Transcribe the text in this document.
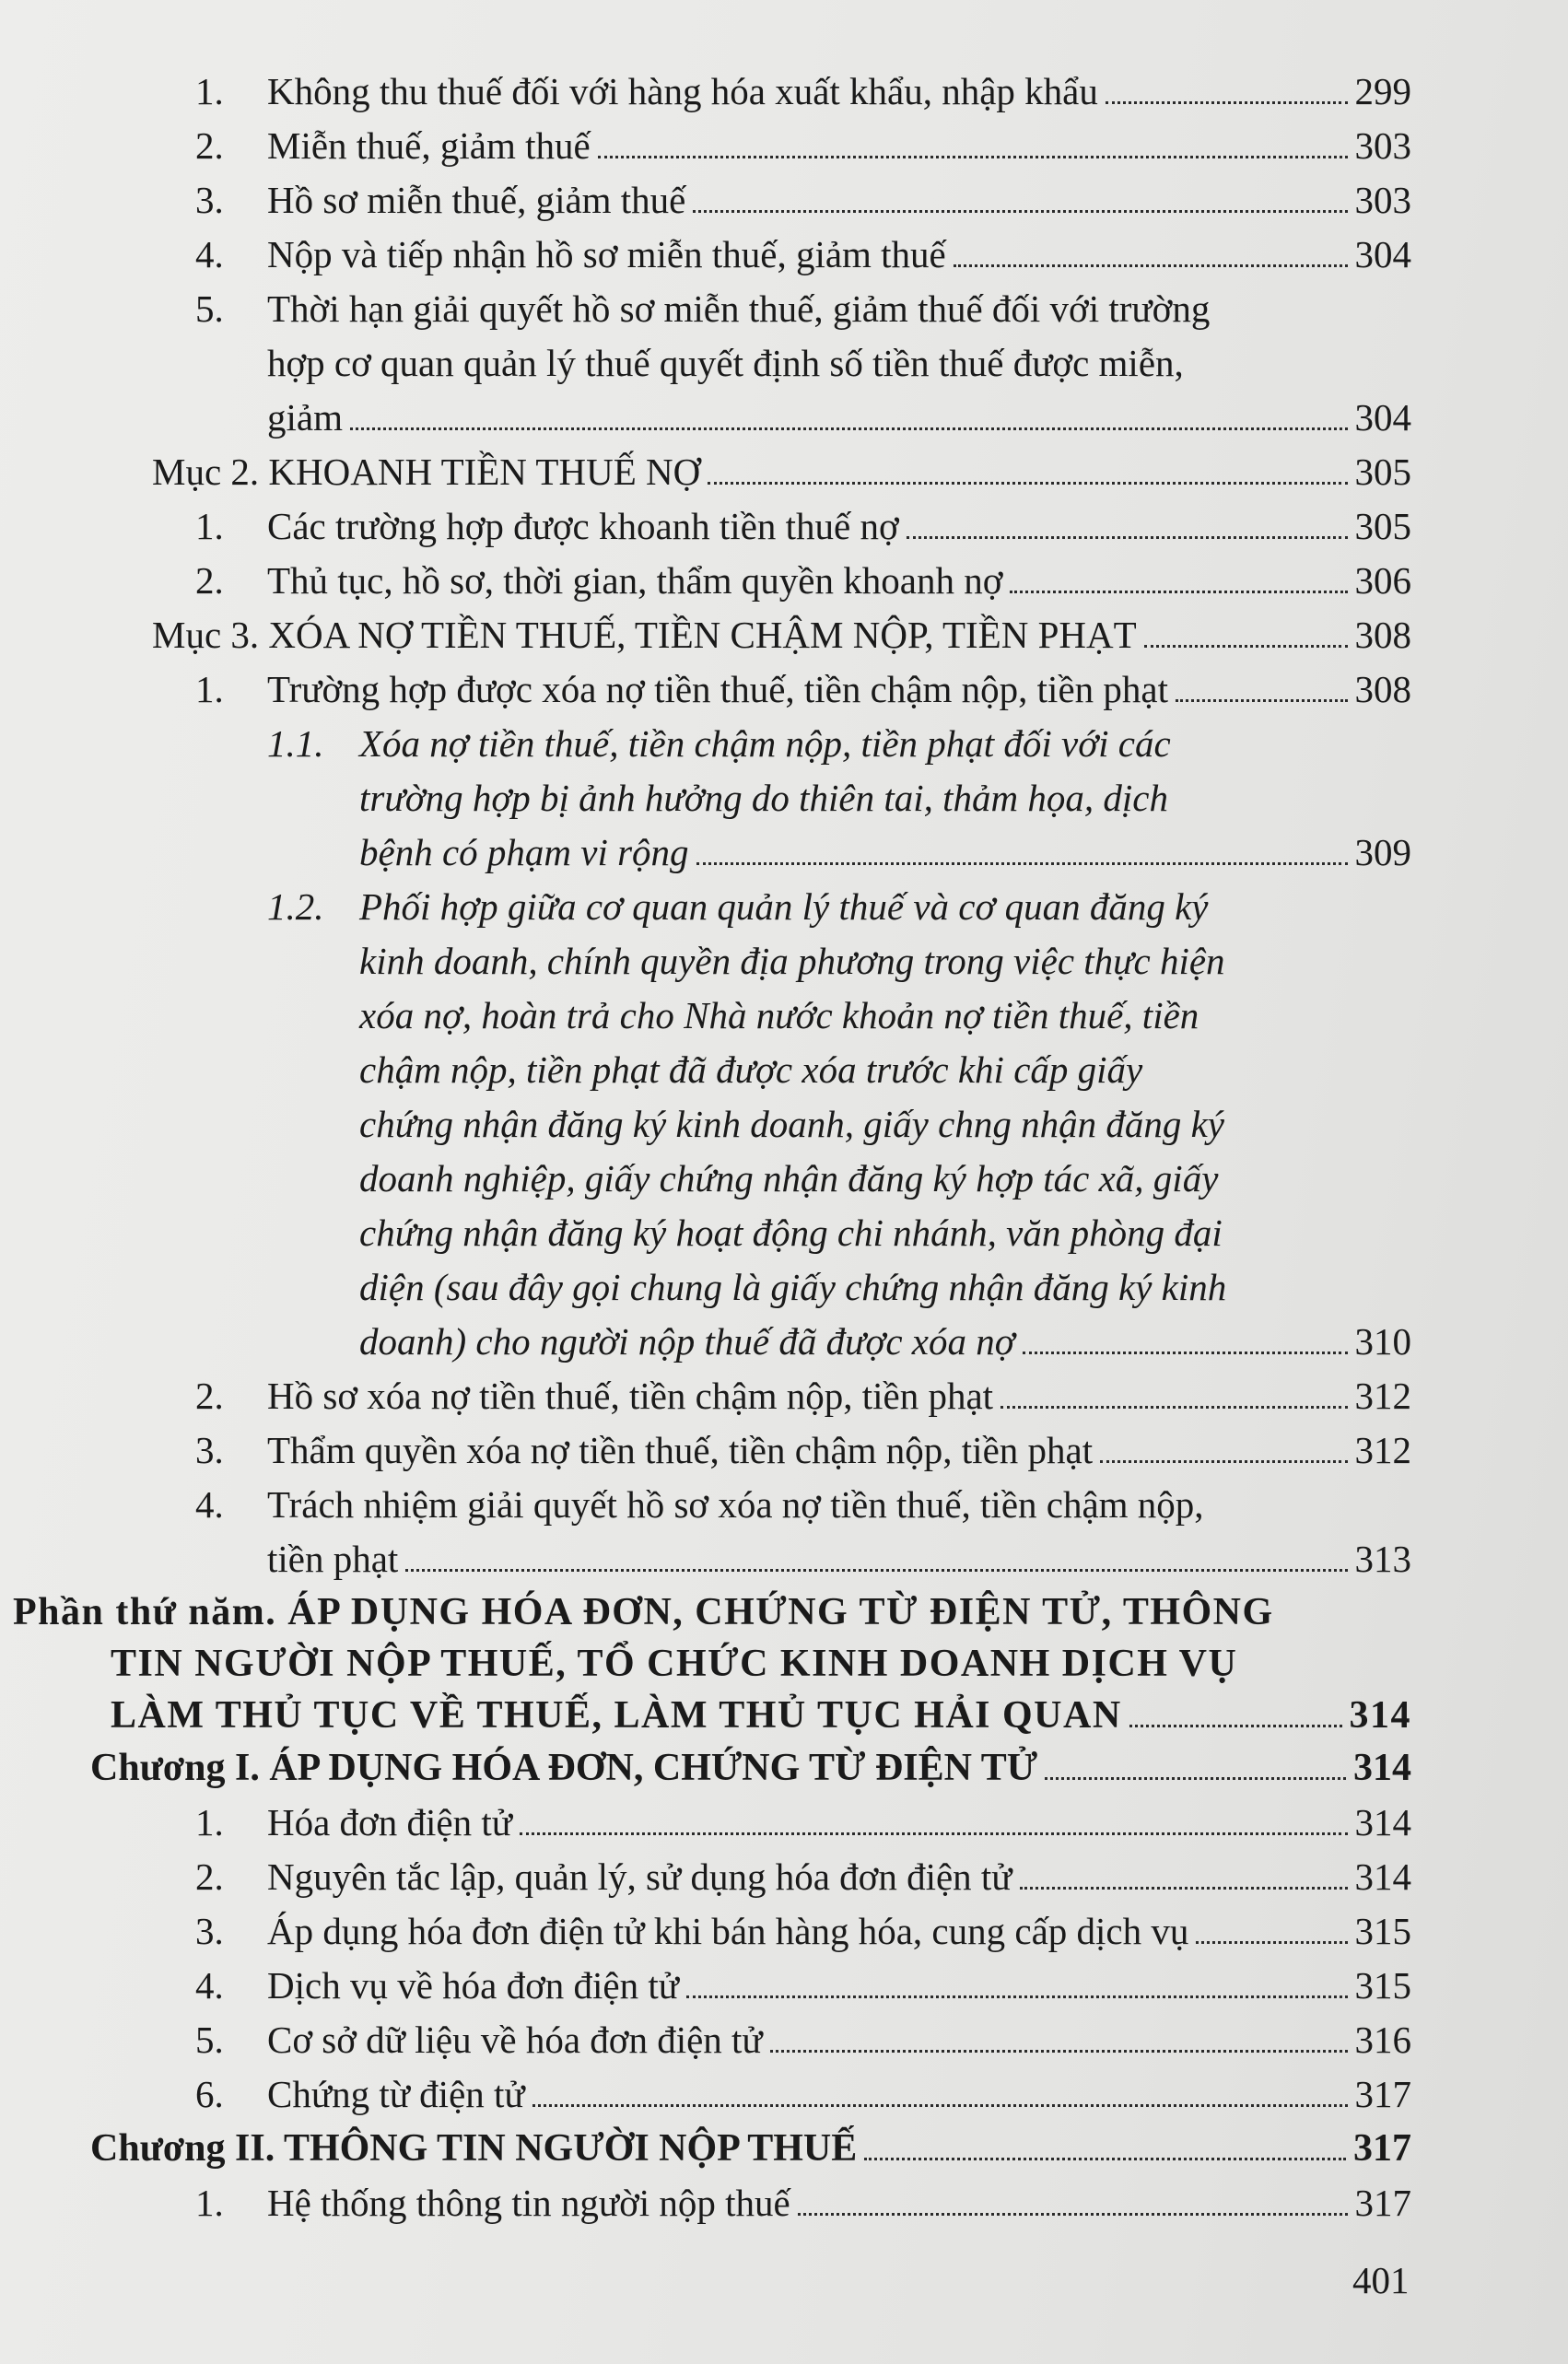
1. Không thu thuế đối với hàng hóa xuất khẩu, nhập khẩu	299
2. Miễn thuế, giảm thuế	303
3. Hồ sơ miễn thuế, giảm thuế	303
4. Nộp và tiếp nhận hồ sơ miễn thuế, giảm thuế	304
5. Thời hạn giải quyết hồ sơ miễn thuế, giảm thuế đối với trường
hợp cơ quan quản lý thuế quyết định số tiền thuế được miễn,
giảm	304
Mục 2. KHOANH TIỀN THUẾ NỢ	305
1. Các trường hợp được khoanh tiền thuế nợ	305
2. Thủ tục, hồ sơ, thời gian, thẩm quyền khoanh nợ	306
Mục 3. XÓA NỢ TIỀN THUẾ, TIỀN CHẬM NỘP, TIỀN PHẠT	308
1. Trường hợp được xóa nợ tiền thuế, tiền chậm nộp, tiền phạt	308
1.1. Xóa nợ tiền thuế, tiền chậm nộp, tiền phạt đối với các
trường hợp bị ảnh hưởng do thiên tai, thảm họa, dịch
bệnh có phạm vi rộng	309
1.2. Phối hợp giữa cơ quan quản lý thuế và cơ quan đăng ký
kinh doanh, chính quyền địa phương trong việc thực hiện
xóa nợ, hoàn trả cho Nhà nước khoản nợ tiền thuế, tiền
chậm nộp, tiền phạt đã được xóa trước khi cấp giấy
chứng nhận đăng ký kinh doanh, giấy chng nhận đăng ký
doanh nghiệp, giấy chứng nhận đăng ký hợp tác xã, giấy
chứng nhận đăng ký hoạt động chi nhánh, văn phòng đại
diện (sau đây gọi chung là giấy chứng nhận đăng ký kinh
doanh) cho người nộp thuế đã được xóa nợ	310
2. Hồ sơ xóa nợ tiền thuế, tiền chậm nộp, tiền phạt	312
3. Thẩm quyền xóa nợ tiền thuế, tiền chậm nộp, tiền phạt	312
4. Trách nhiệm giải quyết hồ sơ xóa nợ tiền thuế, tiền chậm nộp,
tiền phạt	313
Phần thứ năm. ÁP DỤNG HÓA ĐƠN, CHỨNG TỪ ĐIỆN TỬ, THÔNG
TIN NGƯỜI NỘP THUẾ, TỔ CHỨC KINH DOANH DỊCH VỤ
LÀM THỦ TỤC VỀ THUẾ, LÀM THỦ TỤC HẢI QUAN	314
Chương I. ÁP DỤNG HÓA ĐƠN, CHỨNG TỪ ĐIỆN TỬ	314
1. Hóa đơn điện tử	314
2. Nguyên tắc lập, quản lý, sử dụng hóa đơn điện tử	314
3. Áp dụng hóa đơn điện tử khi bán hàng hóa, cung cấp dịch vụ	315
4. Dịch vụ về hóa đơn điện tử	315
5. Cơ sở dữ liệu về hóa đơn điện tử	316
6. Chứng từ điện tử	317
Chương II. THÔNG TIN NGƯỜI NỘP THUẾ	317
1. Hệ thống thông tin người nộp thuế	317
401
